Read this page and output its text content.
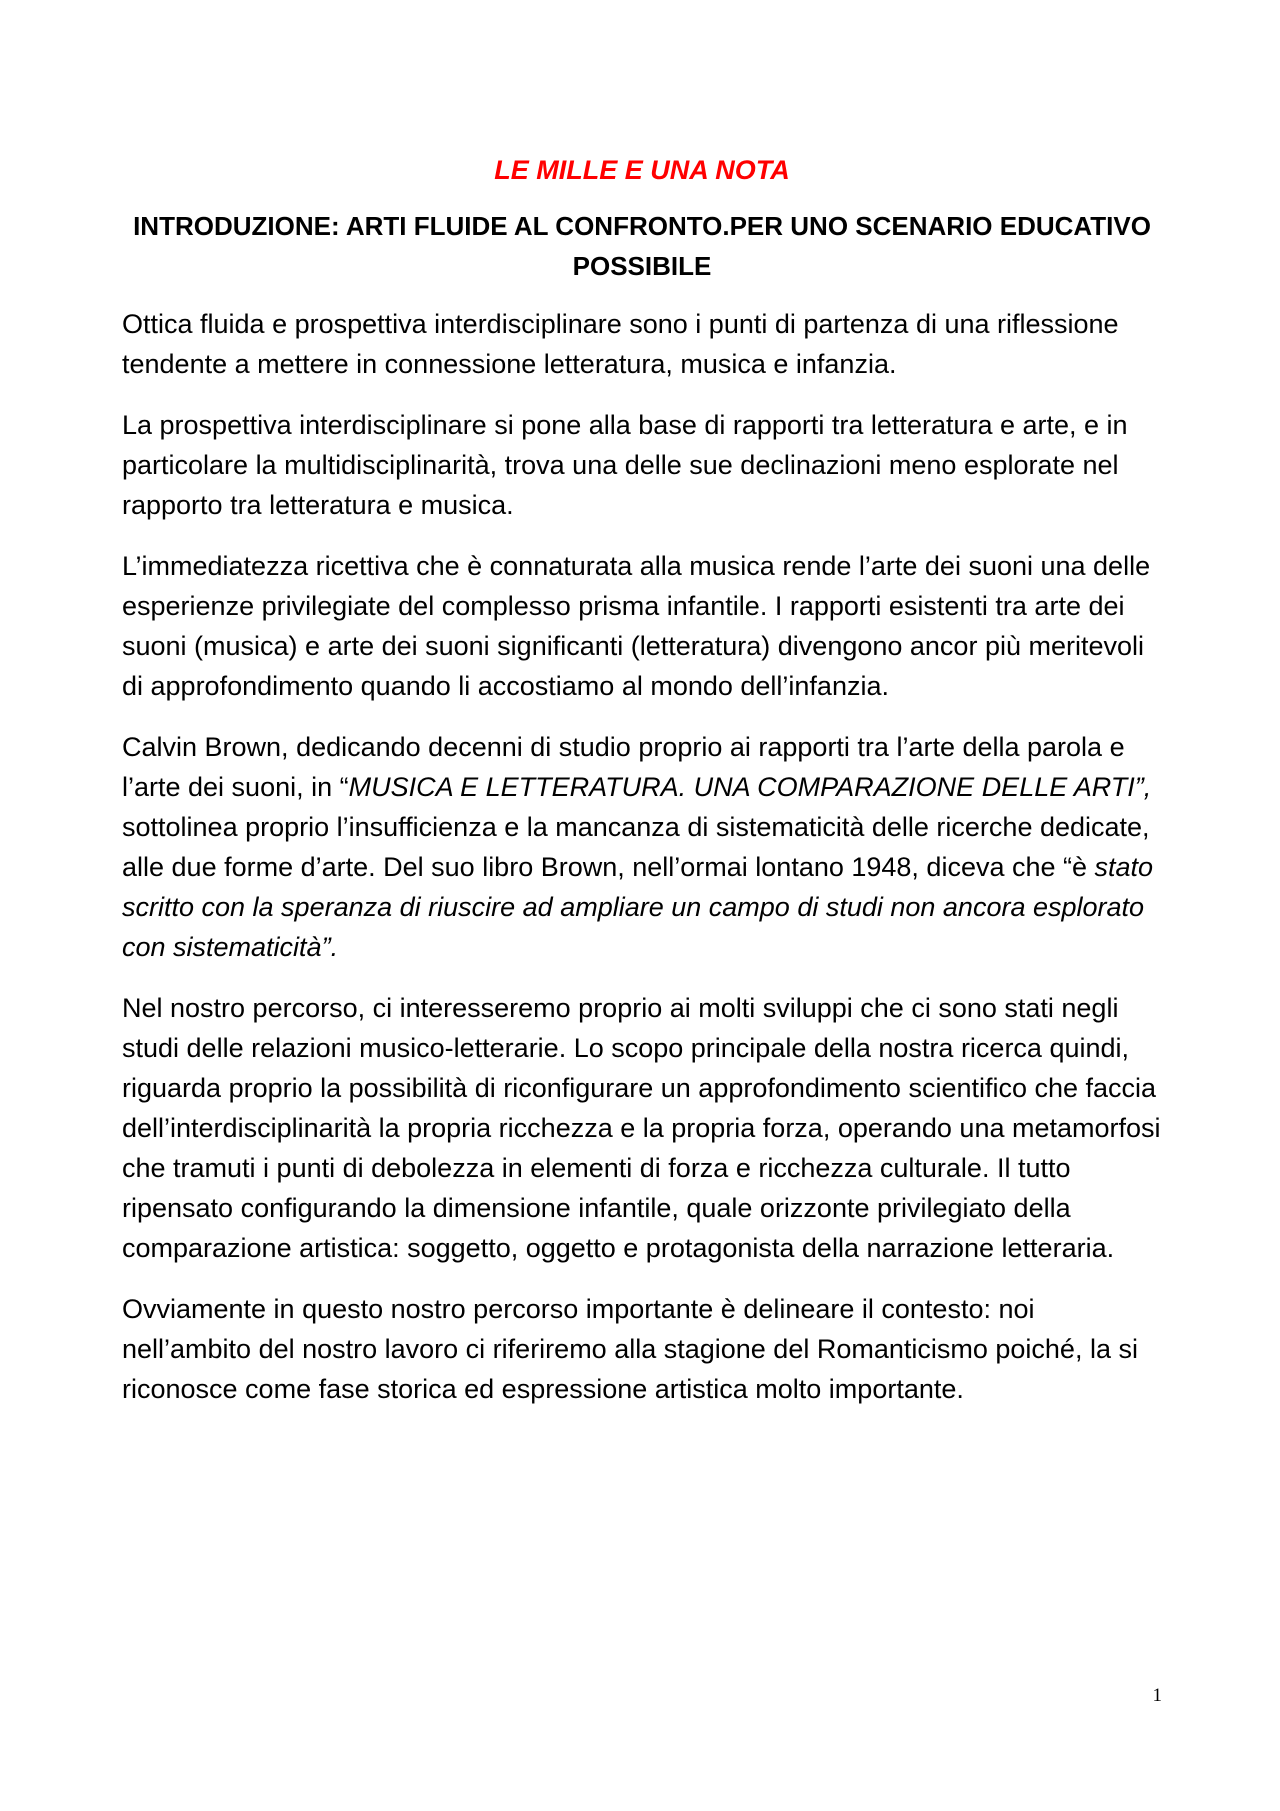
LE MILLE E UNA NOTA
INTRODUZIONE: ARTI FLUIDE AL CONFRONTO.PER UNO SCENARIO EDUCATIVO POSSIBILE

Ottica fluida e prospettiva interdisciplinare sono i punti di partenza di una riflessione tendente a mettere in connessione letteratura, musica e infanzia.

La prospettiva interdisciplinare si pone alla base di rapporti tra letteratura e arte, e in particolare la multidisciplinarità, trova una delle sue declinazioni meno esplorate nel rapporto tra letteratura e musica.

L’immediatezza ricettiva che è connaturata alla musica rende l’arte dei suoni una delle esperienze privilegiate del complesso prisma infantile. I rapporti esistenti tra arte dei suoni (musica) e arte dei suoni significanti (letteratura) divengono ancor più meritevoli di approfondimento quando li accostiamo al mondo dell’infanzia.

Calvin Brown, dedicando decenni di studio proprio ai rapporti tra l’arte della parola e l’arte dei suoni, in “MUSICA E LETTERATURA. UNA COMPARAZIONE DELLE ARTI”, sottolinea proprio l’insufficienza e la mancanza di sistematicità delle ricerche dedicate, alle due forme d’arte. Del suo libro Brown, nell’ormai lontano 1948, diceva che “è stato scritto con la speranza di riuscire ad ampliare un campo di studi non ancora esplorato con sistematicità”.

Nel nostro percorso, ci interesseremo proprio ai molti sviluppi che ci sono stati negli studi delle relazioni musico-letterarie. Lo scopo principale della nostra ricerca quindi, riguarda proprio la possibilità di riconfigurare un approfondimento scientifico che faccia dell’interdisciplinarità la propria ricchezza e la propria forza, operando una metamorfosi che tramuti i punti di debolezza in elementi di forza e ricchezza culturale. Il tutto ripensato configurando la dimensione infantile, quale orizzonte privilegiato della comparazione artistica: soggetto, oggetto e protagonista della narrazione letteraria.

Ovviamente in questo nostro percorso importante è delineare il contesto: noi nell’ambito del nostro lavoro ci riferiremo alla stagione del Romanticismo poiché, la si riconosce come fase storica ed espressione artistica molto importante.

1
